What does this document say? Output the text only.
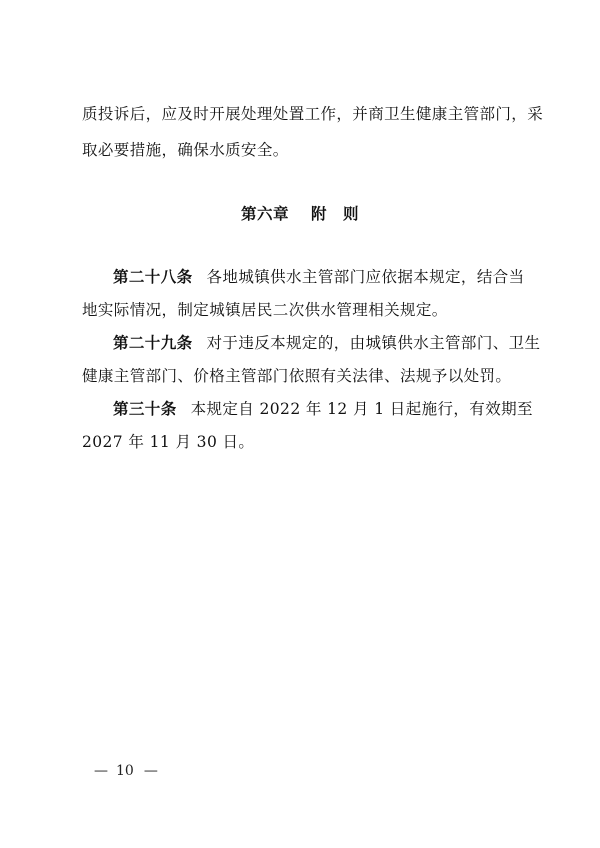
质投诉后，应及时开展处理处置工作，并商卫生健康主管部门，采
取必要措施，确保水质安全。
第六章 附　则
第二十八条 各地城镇供水主管部门应依据本规定，结合当
地实际情况，制定城镇居民二次供水管理相关规定。
第二十九条 对于违反本规定的，由城镇供水主管部门、卫生
健康主管部门、价格主管部门依照有关法律、法规予以处罚。
第三十条 本规定自 2022 年 12 月 1 日起施行，有效期至
2027 年 11 月 30 日。
— 10 —
